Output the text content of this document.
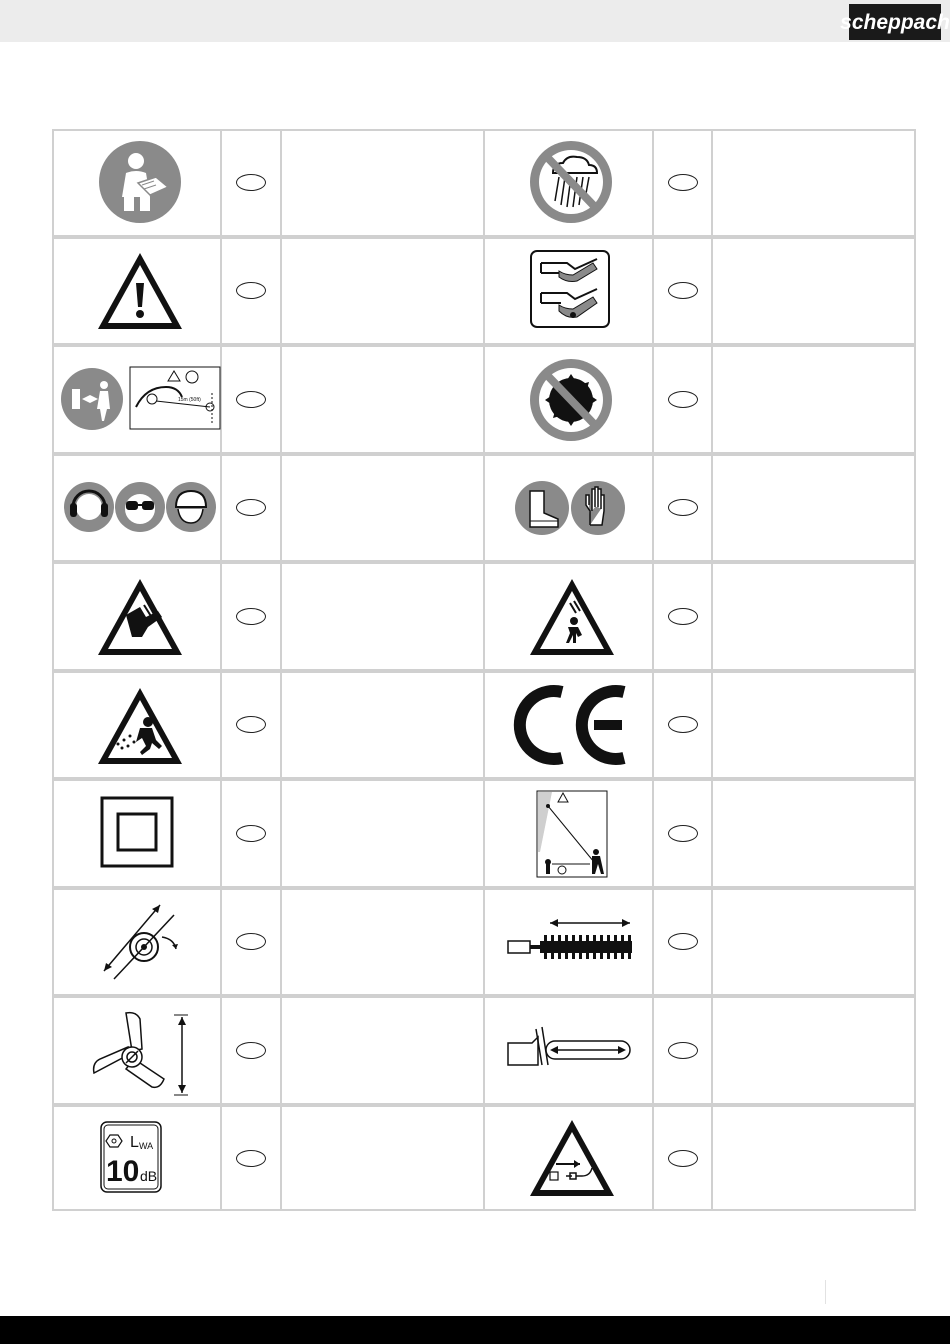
scheppach
15m (50ft)
L WA
10 dB
